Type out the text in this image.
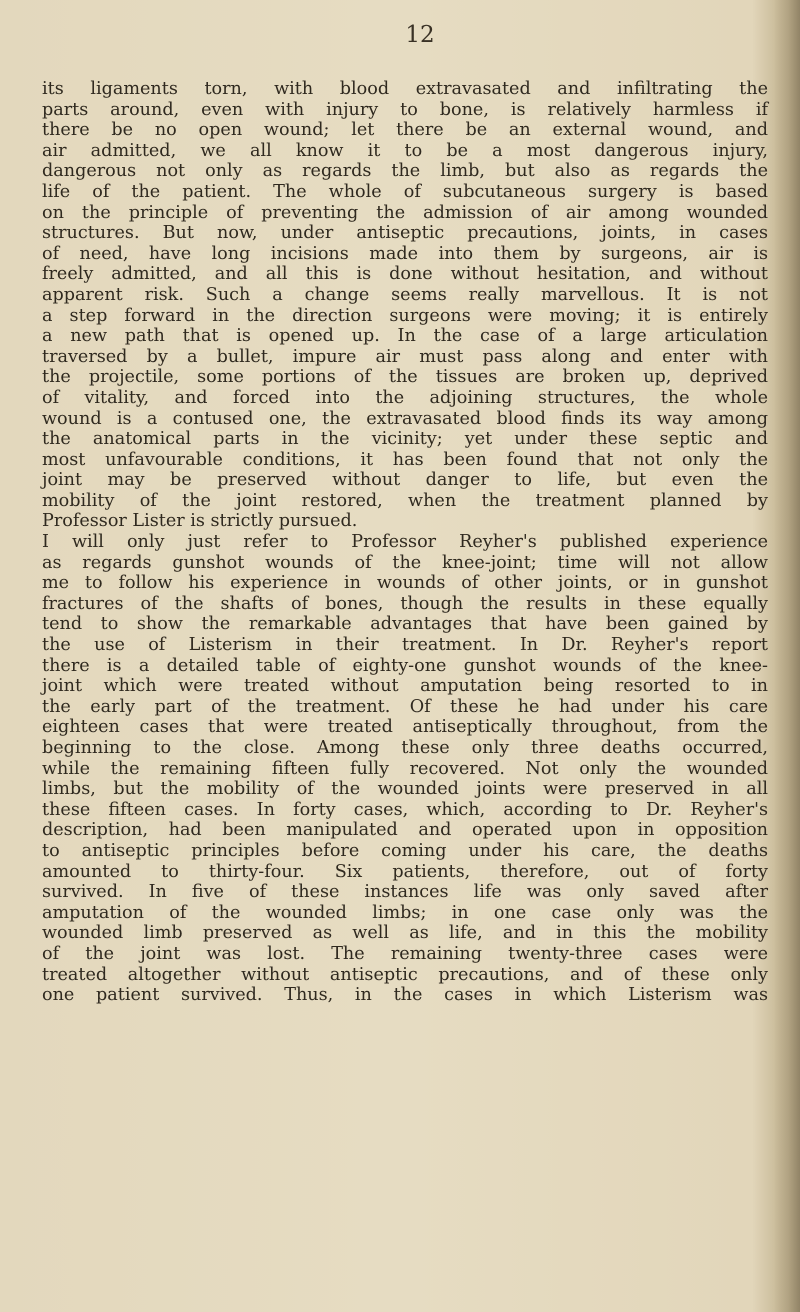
12
its ligaments torn, with blood extravasated and infiltrating the
parts around, even with injury to bone, is relatively harmless if
there be no open wound; let there be an external wound, and
air admitted, we all know it to be a most dangerous injury,
dangerous not only as regards the limb, but also as regards the
life of the patient. The whole of subcutaneous surgery is based
on the principle of preventing the admission of air among wounded
structures. But now, under antiseptic precautions, joints, in cases
of need, have long incisions made into them by surgeons, air is
freely admitted, and all this is done without hesitation, and without
apparent risk. Such a change seems really marvellous. It is not
a step forward in the direction surgeons were moving; it is entirely
a new path that is opened up. In the case of a large articulation
traversed by a bullet, impure air must pass along and enter with
the projectile, some portions of the tissues are broken up, deprived
of vitality, and forced into the adjoining structures, the whole
wound is a contused one, the extravasated blood finds its way among
the anatomical parts in the vicinity; yet under these septic and
most unfavourable conditions, it has been found that not only the
joint may be preserved without danger to life, but even the
mobility of the joint restored, when the treatment planned by
Professor Lister is strictly pursued.
I will only just refer to Professor Reyher's published experience
as regards gunshot wounds of the knee-joint; time will not allow
me to follow his experience in wounds of other joints, or in gunshot
fractures of the shafts of bones, though the results in these equally
tend to show the remarkable advantages that have been gained by
the use of Listerism in their treatment. In Dr. Reyher's report
there is a detailed table of eighty-one gunshot wounds of the knee-
joint which were treated without amputation being resorted to in
the early part of the treatment. Of these he had under his care
eighteen cases that were treated antiseptically throughout, from the
beginning to the close. Among these only three deaths occurred,
while the remaining fifteen fully recovered. Not only the wounded
limbs, but the mobility of the wounded joints were preserved in all
these fifteen cases. In forty cases, which, according to Dr. Reyher's
description, had been manipulated and operated upon in opposition
to antiseptic principles before coming under his care, the deaths
amounted to thirty-four. Six patients, therefore, out of forty
survived. In five of these instances life was only saved after
amputation of the wounded limbs; in one case only was the
wounded limb preserved as well as life, and in this the mobility
of the joint was lost. The remaining twenty-three cases were
treated altogether without antiseptic precautions, and of these only
one patient survived. Thus, in the cases in which Listerism was
